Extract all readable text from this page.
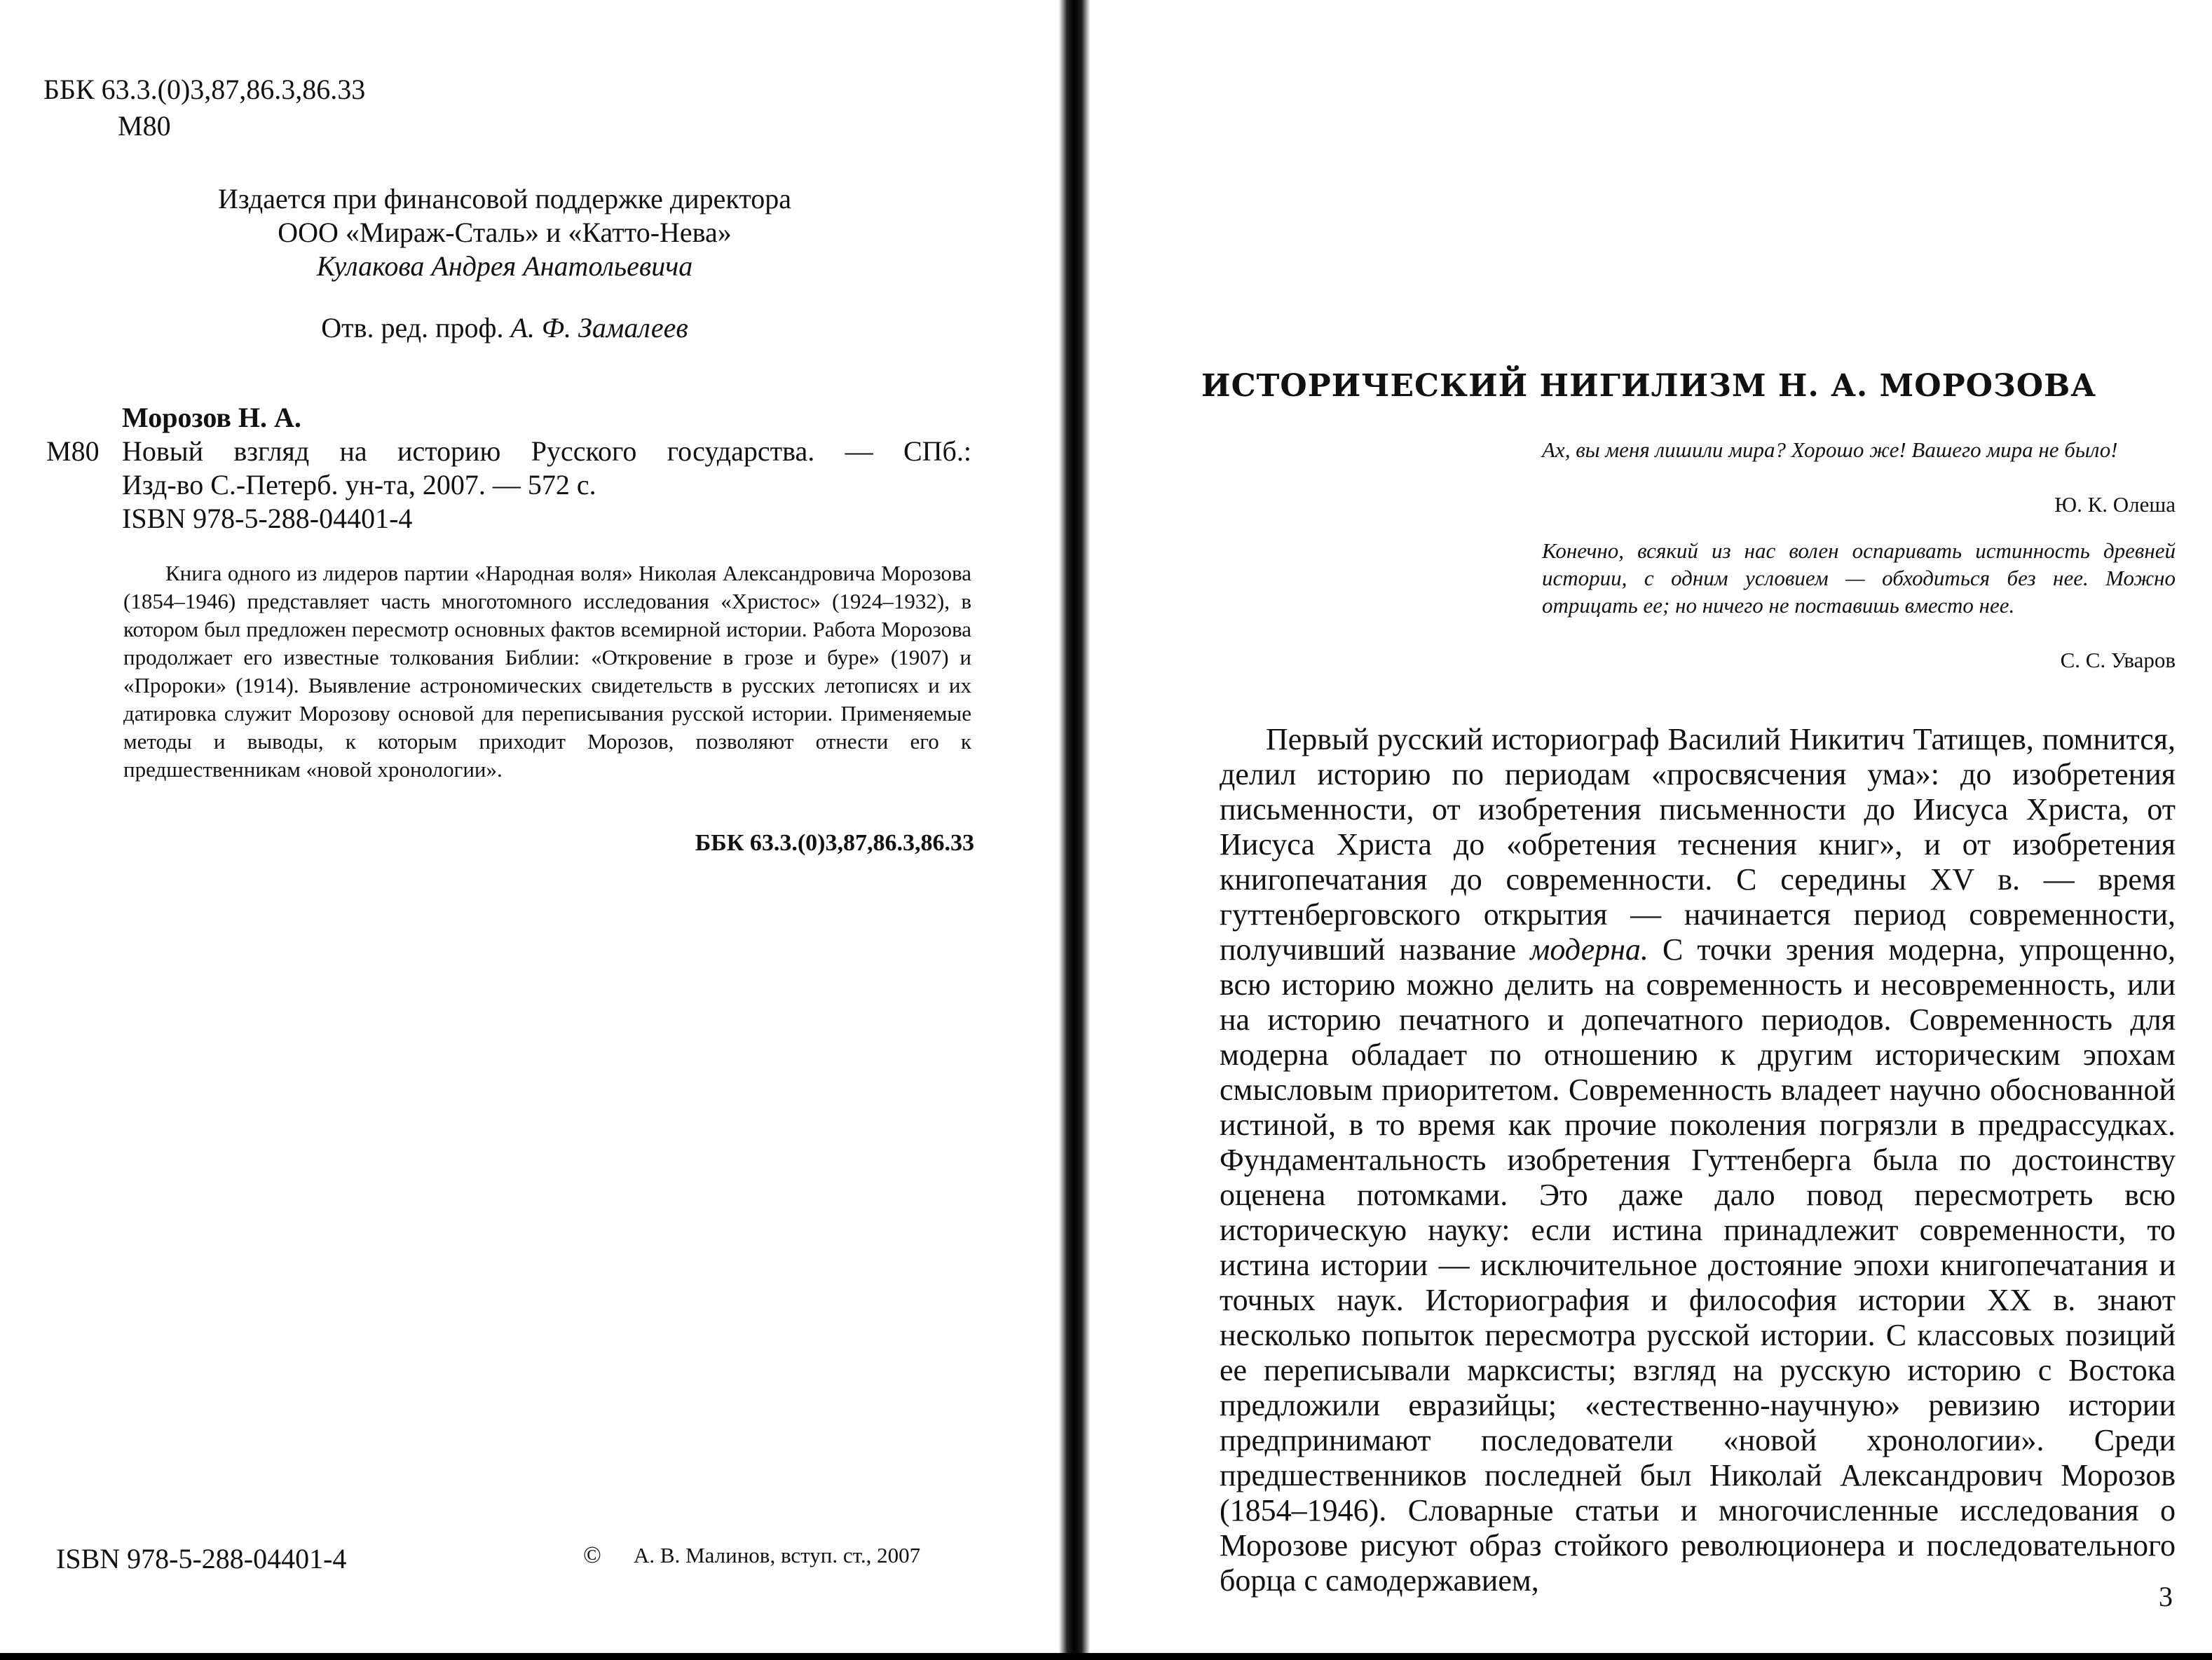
ББК 63.3.(0)3,87,86.3,86.33
М80
Издается при финансовой поддержке директора
ООО «Мираж-Сталь» и «Катто-Нева»
Кулакова Андрея Анатольевича
Отв. ред. проф. А. Ф. Замалеев
Морозов Н. А.
М80 Новый взгляд на историю Русского государства. — СПб.:
Изд-во С.-Петерб. ун-та, 2007. — 572 с.
ISBN 978-5-288-04401-4

Книга одного из лидеров партии «Народная воля» Николая Александровича Морозова (1854–1946) представляет часть многотомного исследования «Христос» (1924–1932), в котором был предложен пересмотр основных фактов всемирной истории. Работа Морозова продолжает его известные толкования Библии: «Откровение в грозе и буре» (1907) и «Пророки» (1914). Выявление астрономических свидетельств в русских летописях и их датировка служит Морозову основой для переписывания русской истории. Применяемые методы и выводы, к которым приходит Морозов, позволяют отнести его к предшественникам «новой хронологии».

ББК 63.3.(0)3,87,86.3,86.33
ISBN 978-5-288-04401-4	©	А. В. Малинов, вступ. ст., 2007
ИСТОРИЧЕСКИЙ НИГИЛИЗМ Н. А. МОРОЗОВА
Ах, вы меня лишили мира? Хорошо же! Вашего мира не было!
Ю. К. Олеша
Конечно, всякий из нас волен оспаривать истинность древней истории, с одним условием — обходиться без нее. Можно отрицать ее; но ничего не поставишь вместо нее.
С. С. Уваров

Первый русский историограф Василий Никитич Татищев, помнится, делил историю по периодам «просвясчения ума»: до изобретения письменности, от изобретения письменности до Иисуса Христа, от Иисуса Христа до «обретения теснения книг», и от изобретения книгопечатания до современности. С середины XV в. — время гуттенберговского открытия — начинается период современности, получивший название модерна. С точки зрения модерна, упрощенно, всю историю можно делить на современность и несовременность, или на историю печатного и допечатного периодов. Современность для модерна обладает по отношению к другим историческим эпохам смысловым приоритетом. Современность владеет научно обоснованной истиной, в то время как прочие поколения погрязли в предрассудках. Фундаментальность изобретения Гуттенберга была по достоинству оценена потомками. Это даже дало повод пересмотреть всю историческую науку: если истина принадлежит современности, то истина истории — исключительное достояние эпохи книгопечатания и точных наук. Историография и философия истории XX в. знают несколько попыток пересмотра русской истории. С классовых позиций ее переписывали марксисты; взгляд на русскую историю с Востока предложили евразийцы; «естественно-научную» ревизию истории предпринимают последователи «новой хронологии». Среди предшественников последней был Николай Александрович Морозов (1854–1946). Словарные статьи и многочисленные исследования о Морозове рисуют образ стойкого революционера и последовательного борца с самодержавием,	3
